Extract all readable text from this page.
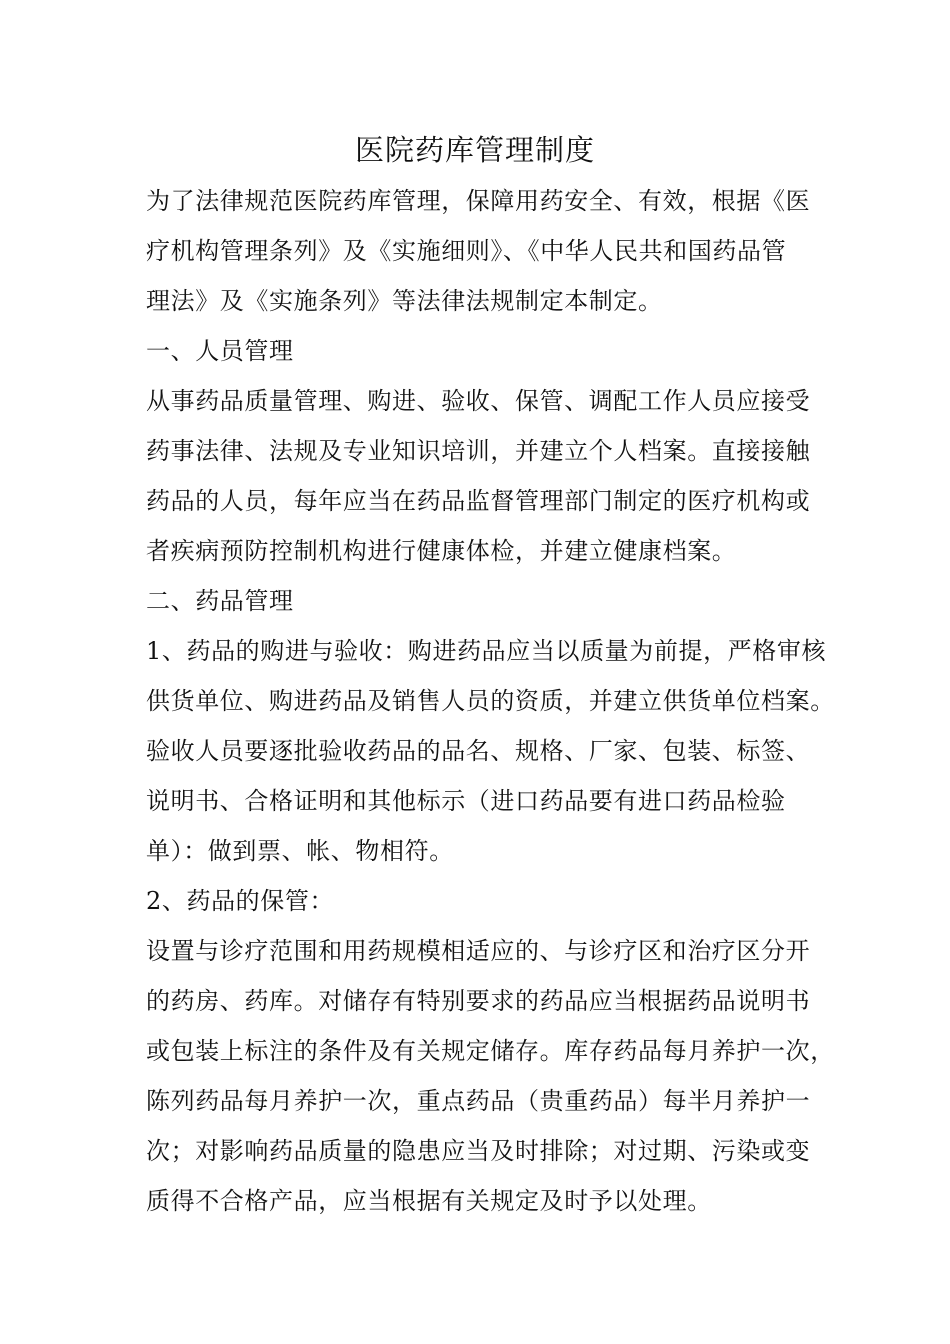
医院药库管理制度
为了法律规范医院药库管理，保障用药安全、有效，根据《医
疗机构管理条列》及《实施细则》、《中华人民共和国药品管
理法》及《实施条列》等法律法规制定本制定。
一、人员管理
从事药品质量管理、购进、验收、保管、调配工作人员应接受
药事法律、法规及专业知识培训，并建立个人档案。直接接触
药品的人员，每年应当在药品监督管理部门制定的医疗机构或
者疾病预防控制机构进行健康体检，并建立健康档案。
二、药品管理
1、药品的购进与验收：购进药品应当以质量为前提，严格审核
供货单位、购进药品及销售人员的资质，并建立供货单位档案。
验收人员要逐批验收药品的品名、规格、厂家、包装、标签、
说明书、合格证明和其他标示（进口药品要有进口药品检验
单）：做到票、帐、物相符。
2、药品的保管：
设置与诊疗范围和用药规模相适应的、与诊疗区和治疗区分开
的药房、药库。对储存有特别要求的药品应当根据药品说明书
或包装上标注的条件及有关规定储存。库存药品每月养护一次，
陈列药品每月养护一次，重点药品（贵重药品）每半月养护一
次；对影响药品质量的隐患应当及时排除；对过期、污染或变
质得不合格产品，应当根据有关规定及时予以处理。
